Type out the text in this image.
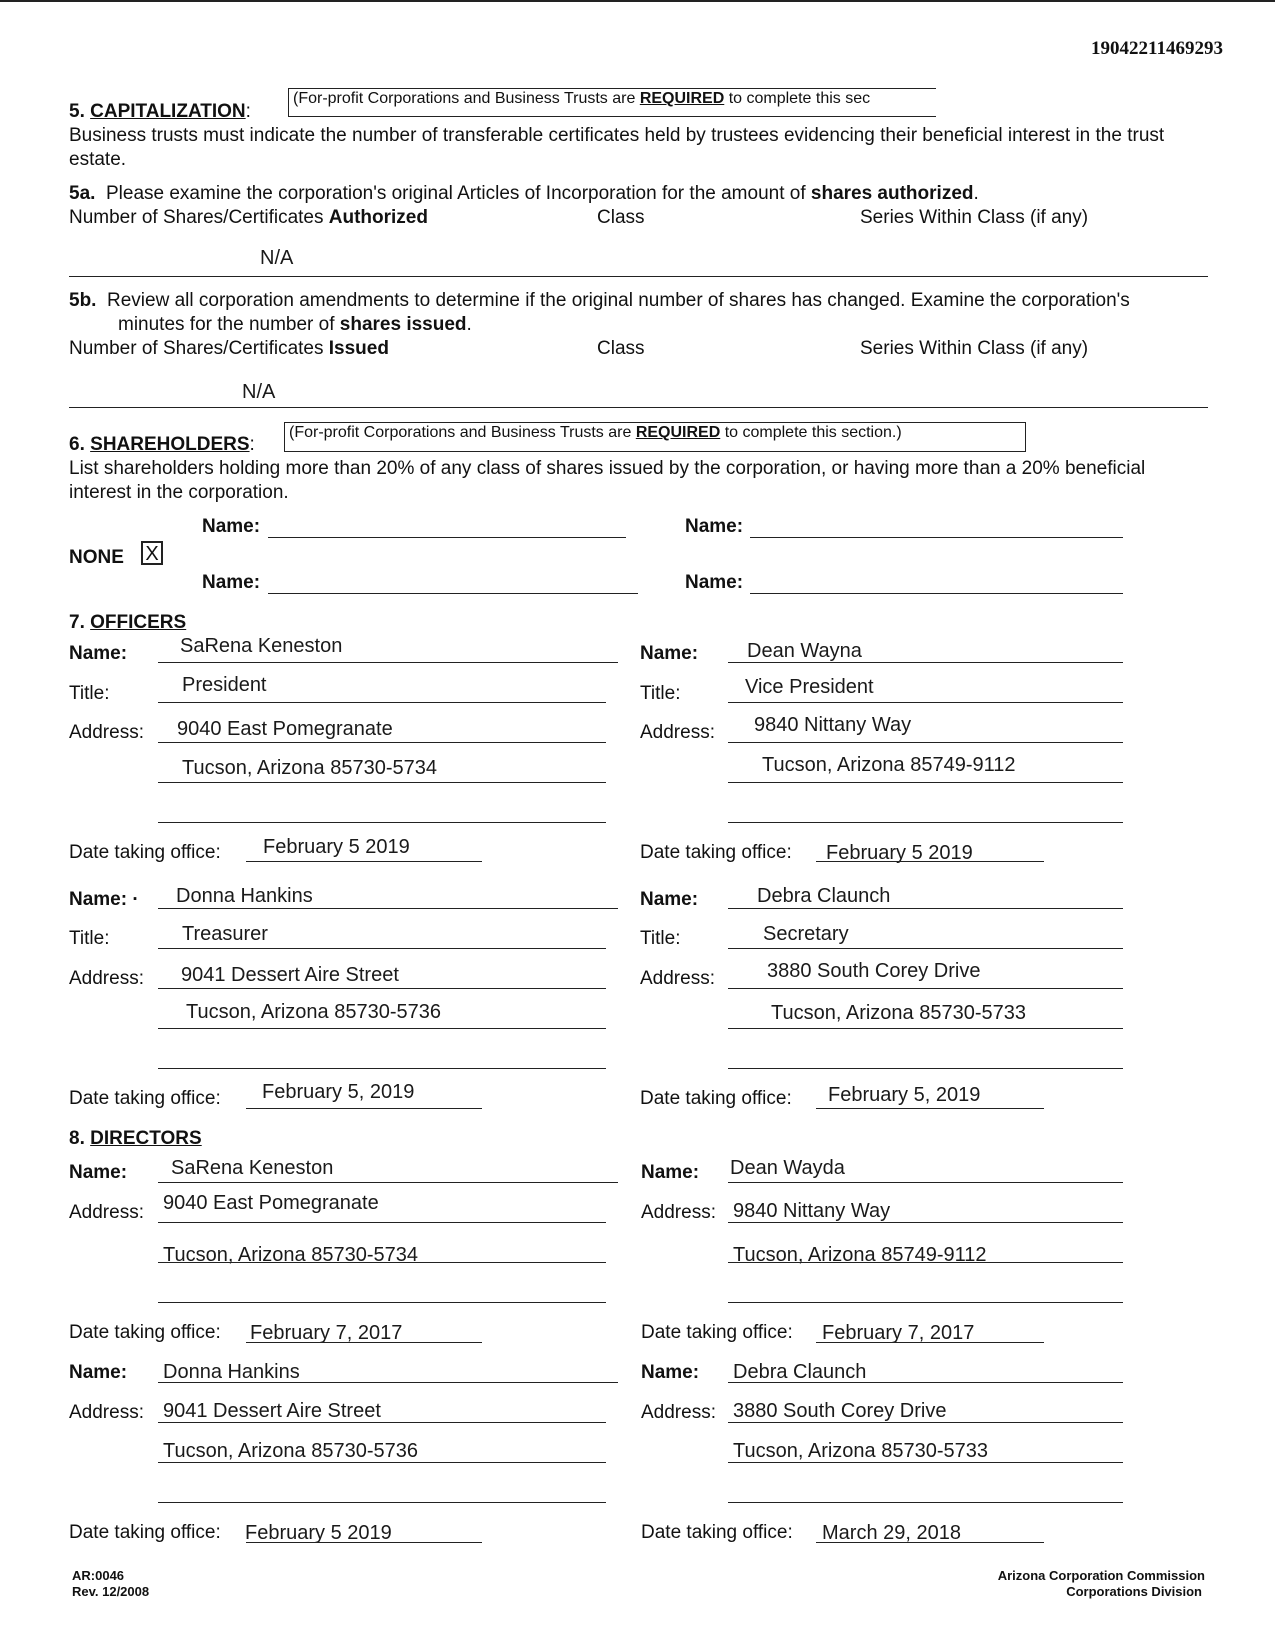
19042211469293
5. CAPITALIZATION:
(For-profit Corporations and Business Trusts are REQUIRED to complete this sec
Business trusts must indicate the number of transferable certificates held by trustees evidencing their beneficial interest in the trust
estate.
5a. Please examine the corporation's original Articles of Incorporation for the amount of shares authorized.
Number of Shares/Certificates Authorized	Class	Series Within Class (if any)
N/A
5b. Review all corporation amendments to determine if the original number of shares has changed. Examine the corporation's
minutes for the number of shares issued.
Number of Shares/Certificates Issued	Class	Series Within Class (if any)
N/A
6. SHAREHOLDERS:
(For-profit Corporations and Business Trusts are REQUIRED to complete this section.)
List shareholders holding more than 20% of any class of shares issued by the corporation, or having more than a 20% beneficial
interest in the corporation.
Name:	Name:
NONE X
Name:	Name:
7. OFFICERS
Name:	SaRena Keneston
Title:	President
Address: 9040 East Pomegranate
Tucson, Arizona 85730-5734
Date taking office: February 5 2019
Name: Dean Wayna
Title:	Vice President
Address: 9840 Nittany Way
Tucson, Arizona 85749-9112
Date taking office: February 5 2019
Name: · Donna Hankins
Title:	Treasurer
Address: 9041 Dessert Aire Street
Tucson, Arizona 85730-5736
Date taking office: February 5, 2019
Name:	Debra Claunch
Title:	Secretary
Address:	3880 South Corey Drive
Tucson, Arizona 85730-5733
Date taking office: February 5, 2019
8. DIRECTORS
Name: SaRena Keneston
Address: 9040 East Pomegranate
Tucson, Arizona 85730-5734
Date taking office: February 7, 2017
Name: Dean Wayda
Address: 9840 Nittany Way
Tucson, Arizona 85749-9112
Date taking office: February 7, 2017
Name: Donna Hankins
Address: 9041 Dessert Aire Street
Tucson, Arizona 85730-5736
Date taking office: February 5 2019
Name: Debra Claunch
Address: 3880 South Corey Drive
Tucson, Arizona 85730-5733
Date taking office: March 29, 2018
AR:0046
Rev. 12/2008
Arizona Corporation Commission
Corporations Division
